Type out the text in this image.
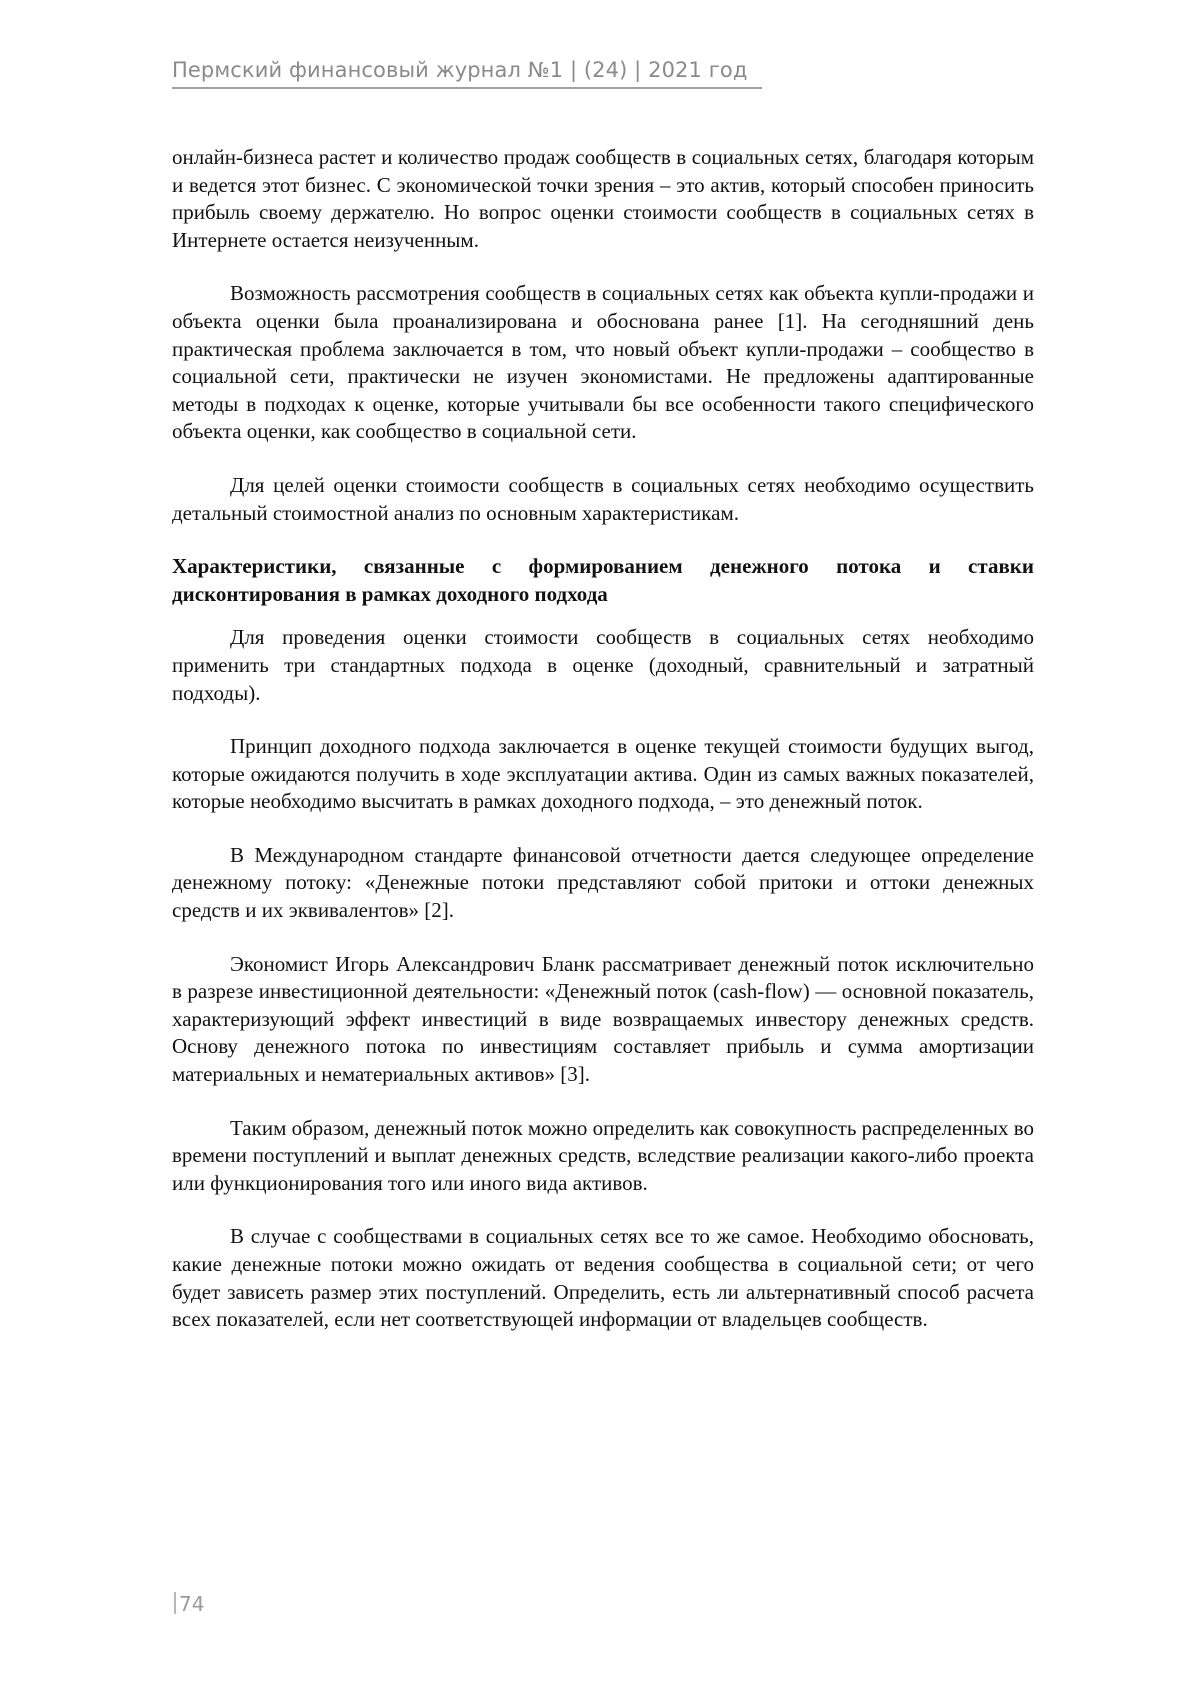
Пермский финансовый журнал №1 | (24) | 2021 год

онлайн-бизнеса растет и количество продаж сообществ в социальных сетях, благодаря которым и ведется этот бизнес. С экономической точки зрения – это актив, который способен приносить прибыль своему держателю. Но вопрос оценки стоимости сообществ в социальных сетях в Интернете остается неизученным.

Возможность рассмотрения сообществ в социальных сетях как объекта купли-продажи и объекта оценки была проанализирована и обоснована ранее [1]. На сегодняшний день практическая проблема заключается в том, что новый объект купли-продажи – сообщество в социальной сети, практически не изучен экономистами. Не предложены адаптированные методы в подходах к оценке, которые учитывали бы все особенности такого специфического объекта оценки, как сообщество в социальной сети.

Для целей оценки стоимости сообществ в социальных сетях необходимо осуществить детальный стоимостной анализ по основным характеристикам.

Характеристики, связанные с формированием денежного потока и ставки дисконтирования в рамках доходного подхода

Для проведения оценки стоимости сообществ в социальных сетях необходимо применить три стандартных подхода в оценке (доходный, сравнительный и затратный подходы).

Принцип доходного подхода заключается в оценке текущей стоимости будущих выгод, которые ожидаются получить в ходе эксплуатации актива. Один из самых важных показателей, которые необходимо высчитать в рамках доходного подхода, – это денежный поток.

В Международном стандарте финансовой отчетности дается следующее определение денежному потоку: «Денежные потоки представляют собой притоки и оттоки денежных средств и их эквивалентов» [2].

Экономист Игорь Александрович Бланк рассматривает денежный поток исключительно в разрезе инвестиционной деятельности: «Денежный поток (cash-flow) — основной показатель, характеризующий эффект инвестиций в виде возвращаемых инвестору денежных средств. Основу денежного потока по инвестициям составляет прибыль и сумма амортизации материальных и нематериальных активов» [3].

Таким образом, денежный поток можно определить как совокупность распределенных во времени поступлений и выплат денежных средств, вследствие реализации какого-либо проекта или функционирования того или иного вида активов.

В случае с сообществами в социальных сетях все то же самое. Необходимо обосновать, какие денежные потоки можно ожидать от ведения сообщества в социальной сети; от чего будет зависеть размер этих поступлений. Определить, есть ли альтернативный способ расчета всех показателей, если нет соответствующей информации от владельцев сообществ.

74
